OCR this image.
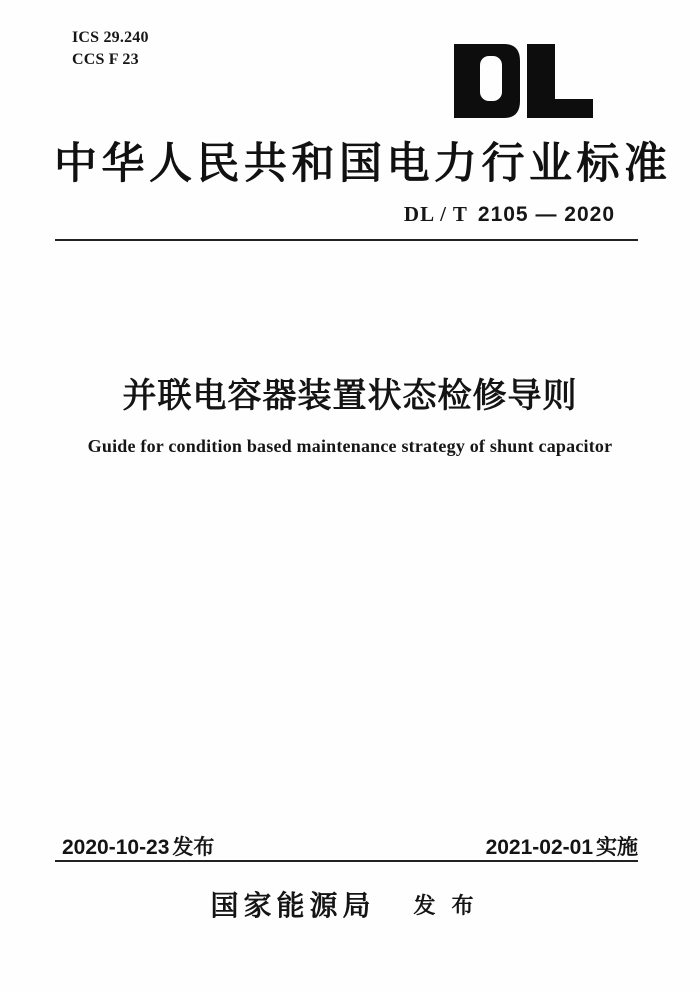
ICS 29.240
CCS F 23
中华人民共和国电力行业标准
DL / T 2105 — 2020
并联电容器装置状态检修导则
Guide for condition based maintenance strategy of shunt capacitor
2020-10-23 发布	2021-02-01 实施
国家能源局 发布
